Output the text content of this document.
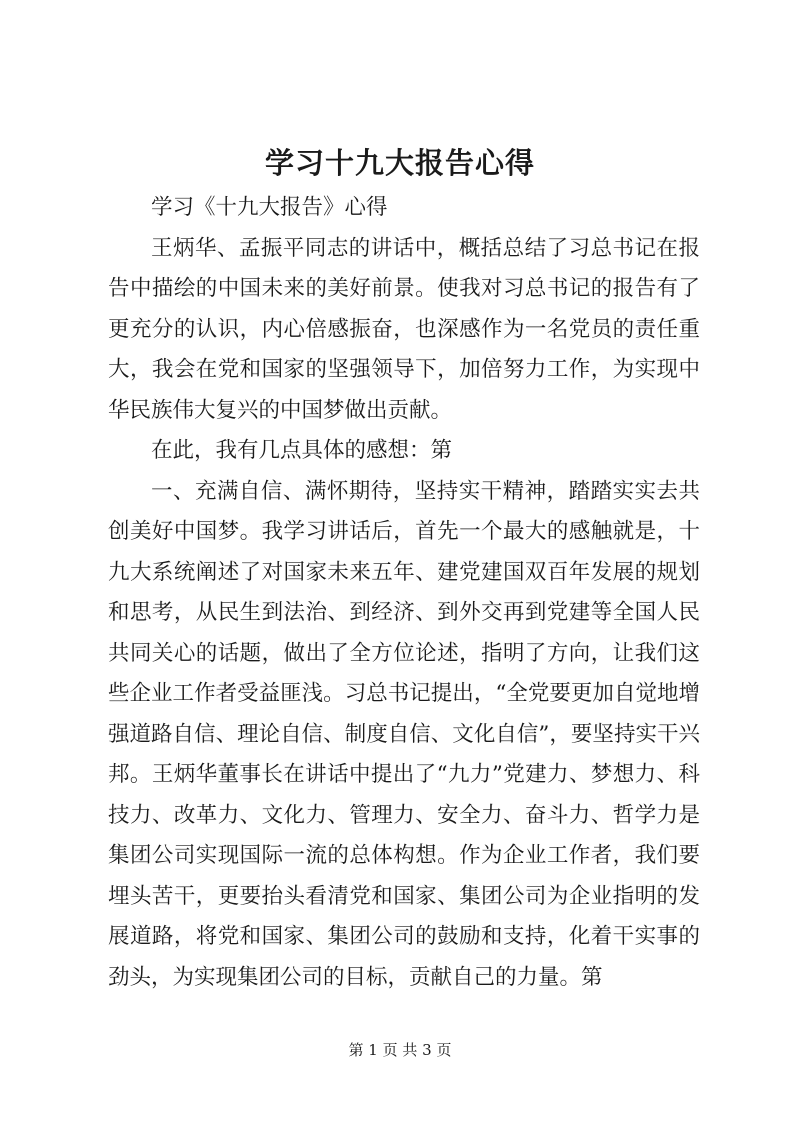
学习十九大报告心得

学习《十九大报告》心得

王炳华、孟振平同志的讲话中，概括总结了习总书记在报告中描绘的中国未来的美好前景。使我对习总书记的报告有了更充分的认识，内心倍感振奋，也深感作为一名党员的责任重大，我会在党和国家的坚强领导下，加倍努力工作，为实现中华民族伟大复兴的中国梦做出贡献。

在此，我有几点具体的感想：第

一、充满自信、满怀期待，坚持实干精神，踏踏实实去共创美好中国梦。我学习讲话后，首先一个最大的感触就是，十九大系统阐述了对国家未来五年、建党建国双百年发展的规划和思考，从民生到法治、到经济、到外交再到党建等全国人民共同关心的话题，做出了全方位论述，指明了方向，让我们这些企业工作者受益匪浅。习总书记提出，“全党要更加自觉地增强道路自信、理论自信、制度自信、文化自信”，要坚持实干兴邦。王炳华董事长在讲话中提出了“九力”党建力、梦想力、科技力、改革力、文化力、管理力、安全力、奋斗力、哲学力是集团公司实现国际一流的总体构想。作为企业工作者，我们要埋头苦干，更要抬头看清党和国家、集团公司为企业指明的发展道路，将党和国家、集团公司的鼓励和支持，化着干实事的劲头，为实现集团公司的目标，贡献自己的力量。第

第 1 页 共 3 页
